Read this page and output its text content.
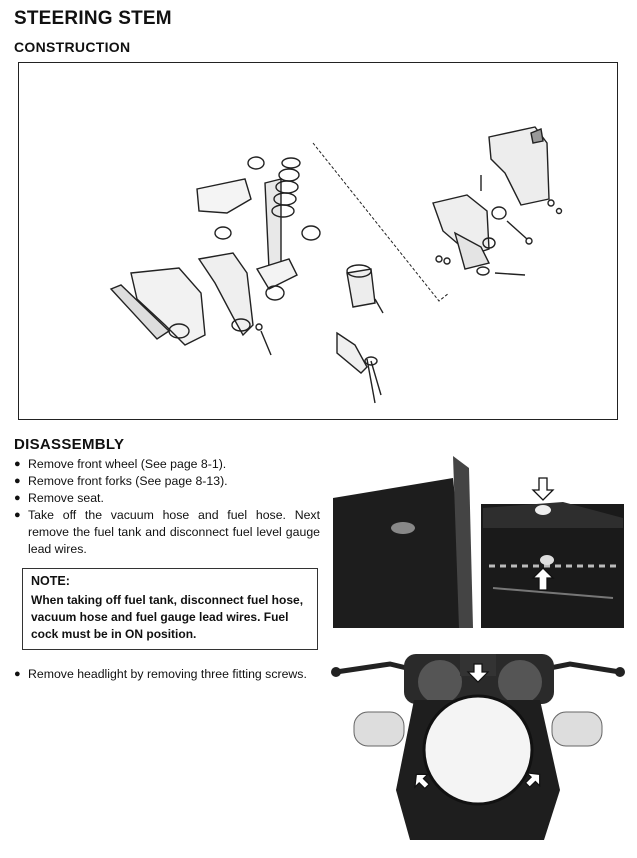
STEERING STEM
CONSTRUCTION
DISASSEMBLY
● Remove front wheel (See page 8-1).
● Remove front forks (See page 8-13).
● Remove seat.
● Take off the vacuum hose and fuel hose. Next remove the fuel tank and disconnect fuel level gauge lead wires.
NOTE:
When taking off fuel tank, disconnect fuel hose, vacuum hose and fuel gauge lead wires. Fuel cock must be in ON position.
● Remove headlight by removing three fitting screws.
